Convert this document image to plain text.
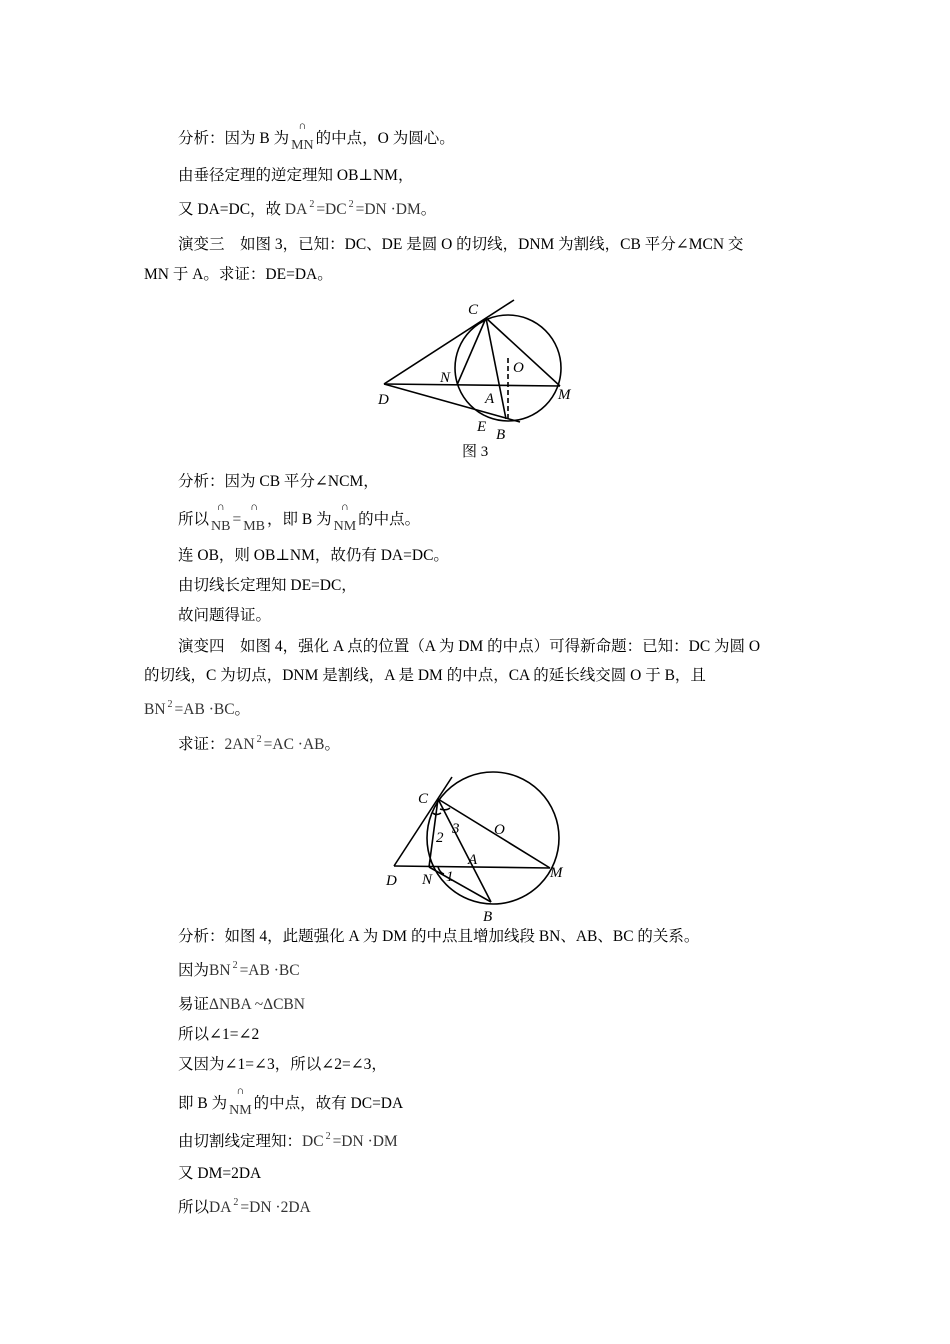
分析：因为 B 为
∩
MN 的中点，O 为圆心。
由垂径定理的逆定理知 OB⊥NM，
又 DA=DC，故 DA $^2$ =DC $^2$ =DN ·DM。
演变三　如图 3，已知：DC、DE 是圆 O 的切线，DNM 为割线，CB 平分∠MCN 交
MN 于 A。求证：DE=DA。
C
N
O
M
D	A
E B
图 3
分析：因为 CB 平分∠NCM，
所以
∩
NB =
∩
MB ，即 B 为
∩
NM 的中点。
连 OB，则 OB⊥NM，故仍有 DA=DC。
由切线长定理知 DE=DC，
故问题得证。
演变四　如图 4，强化 A 点的位置（A 为 DM 的中点）可得新命题：已知：DC 为圆 O
的切线，C 为切点，DNM 是割线，A 是 DM 的中点，CA 的延长线交圆 O 于 B，且
BN $^2$ =AB ·BC。
求证：2AN $^2$ =AC ·AB。
C
3 O
2
A
D N 1	M
B
分析：如图 4，此题强化 A 为 DM 的中点且增加线段 BN、AB、BC 的关系。
因为BN $^2$ =AB ·BC
易证ΔNBA ~ΔCBN
所以∠1=∠2
又因为∠1=∠3，所以∠2=∠3，
即 B 为
∩
NM 的中点，故有 DC=DA
由切割线定理知：DC $^2$ =DN ·DM
又 DM=2DA
所以DA $^2$ =DN ·2DA
